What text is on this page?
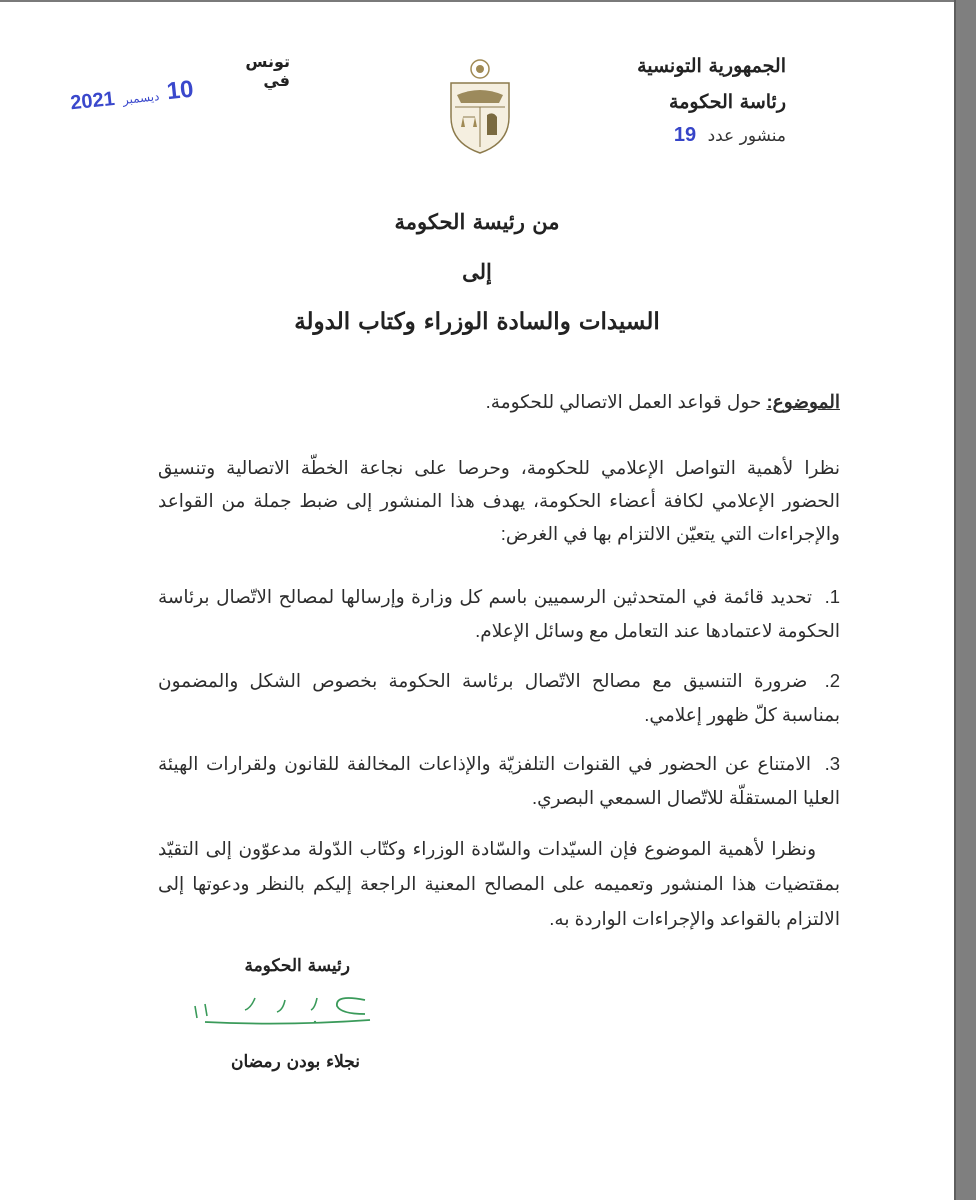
الجمهورية التونسية
رئاسة الحكومة
منشور عدد 19
تونس في
2021 ديسمبر 10
من رئيسة الحكومة
إلى
السيدات والسادة الوزراء وكتاب الدولة
الموضوع: حول قواعد العمل الاتصالي للحكومة.
نظرا لأهمية التواصل الإعلامي للحكومة، وحرصا على نجاعة الخطّة الاتصالية وتنسيق الحضور الإعلامي لكافة أعضاء الحكومة، يهدف هذا المنشور إلى ضبط جملة من القواعد والإجراءات التي يتعيّن الالتزام بها في الغرض:
1. تحديد قائمة في المتحدثين الرسميين باسم كل وزارة وإرسالها لمصالح الاتّصال برئاسة الحكومة لاعتمادها عند التعامل مع وسائل الإعلام.
2. ضرورة التنسيق مع مصالح الاتّصال برئاسة الحكومة بخصوص الشكل والمضمون بمناسبة كلّ ظهور إعلامي.
3. الامتناع عن الحضور في القنوات التلفزيّة والإذاعات المخالفة للقانون ولقرارات الهيئة العليا المستقلّة للاتّصال السمعي البصري.
ونظرا لأهمية الموضوع فإن السيّدات والسّادة الوزراء وكتّاب الدّولة مدعوّون إلى التقيّد بمقتضيات هذا المنشور وتعميمه على المصالح المعنية الراجعة إليكم بالنظر ودعوتها إلى الالتزام بالقواعد والإجراءات الواردة به.
رئيسة الحكومة
نجلاء بودن رمضان
